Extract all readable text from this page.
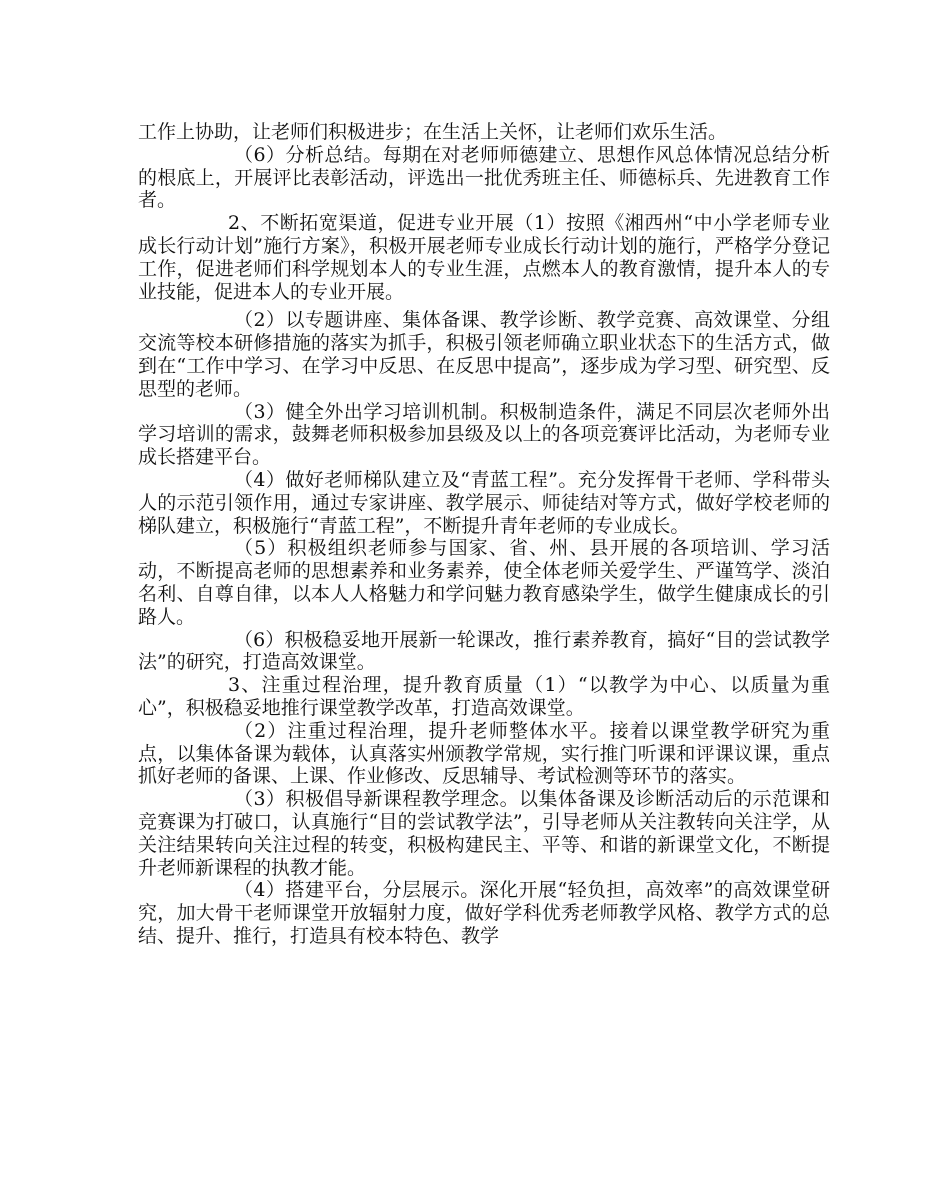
工作上协助，让老师们积极进步；在生活上关怀，让老师们欢乐生活。

（6）分析总结。每期在对老师师德建立、思想作风总体情况总结分析的根底上，开展评比表彰活动，评选出一批优秀班主任、师德标兵、先进教育工作者。

2、不断拓宽渠道，促进专业开展（1）按照《湘西州“中小学老师专业成长行动计划”施行方案》，积极开展老师专业成长行动计划的施行，严格学分登记工作，促进老师们科学规划本人的专业生涯，点燃本人的教育激情，提升本人的专业技能，促进本人的专业开展。

（2）以专题讲座、集体备课、教学诊断、教学竞赛、高效课堂、分组交流等校本研修措施的落实为抓手，积极引领老师确立职业状态下的生活方式，做到在“工作中学习、在学习中反思、在反思中提高”，逐步成为学习型、研究型、反思型的老师。

（3）健全外出学习培训机制。积极制造条件，满足不同层次老师外出学习培训的需求，鼓舞老师积极参加县级及以上的各项竞赛评比活动，为老师专业成长搭建平台。

（4）做好老师梯队建立及“青蓝工程”。充分发挥骨干老师、学科带头人的示范引领作用，通过专家讲座、教学展示、师徒结对等方式，做好学校老师的梯队建立，积极施行“青蓝工程”，不断提升青年老师的专业成长。

（5）积极组织老师参与国家、省、州、县开展的各项培训、学习活动，不断提高老师的思想素养和业务素养，使全体老师关爱学生、严谨笃学、淡泊名利、自尊自律，以本人人格魅力和学问魅力教育感染学生，做学生健康成长的引路人。

（6）积极稳妥地开展新一轮课改，推行素养教育，搞好“目的尝试教学法”的研究，打造高效课堂。

3、注重过程治理，提升教育质量（1）“以教学为中心、以质量为重心”，积极稳妥地推行课堂教学改革，打造高效课堂。

（2）注重过程治理，提升老师整体水平。接着以课堂教学研究为重点，以集体备课为载体，认真落实州颁教学常规，实行推门听课和评课议课，重点抓好老师的备课、上课、作业修改、反思辅导、考试检测等环节的落实。

（3）积极倡导新课程教学理念。以集体备课及诊断活动后的示范课和竞赛课为打破口，认真施行“目的尝试教学法”，引导老师从关注教转向关注学，从关注结果转向关注过程的转变，积极构建民主、平等、和谐的新课堂文化，不断提升老师新课程的执教才能。

（4）搭建平台，分层展示。深化开展“轻负担，高效率”的高效课堂研究，加大骨干老师课堂开放辐射力度，做好学科优秀老师教学风格、教学方式的总结、提升、推行，打造具有校本特色、教学
